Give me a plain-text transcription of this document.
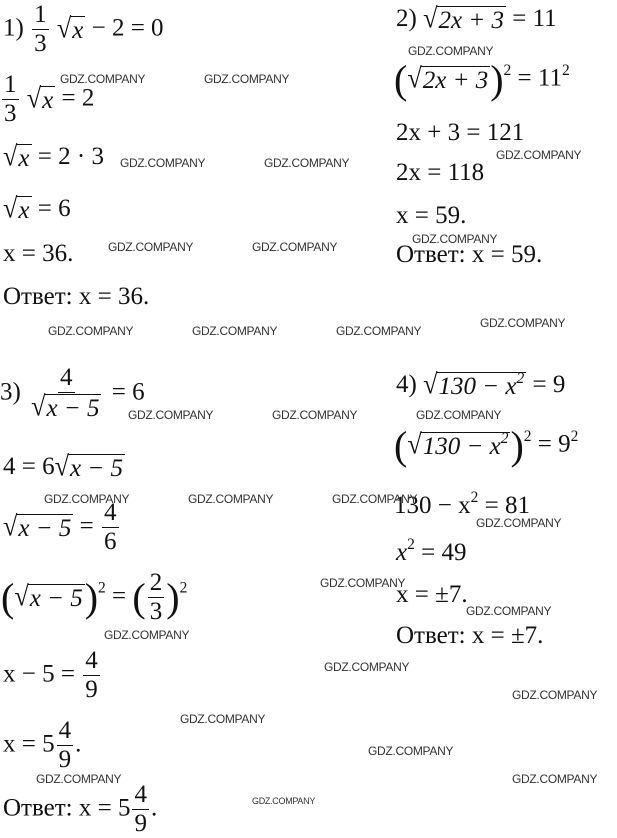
$1) \frac{1}{3}$
√ x − 2 = 0
$\frac{1}{3}$
√ x = 2
√ x = 2 · 3
√ x = 6
x = 36.
Ответ: x = 36.
2) √ 2x + 3 = 11
( √ 2x + 3 )$^2 = 11^2$
2x + 3 = 121
2x = 118
x = 59.
Ответ: x = 59.
$3) \frac{4}{√ x - 5} = 6$
4 = 6 √ x − 5
√ $x - 5 = \frac{4}{6}$
( √ x − 5 )$^2$ = ( $\frac{2}{3} )^2$
$x - 5 = \frac{4}{9}$
$x = 5 \frac{4}{9}$ .
Ответ: $x = 5 \frac{4}{9}$ .
4) √ $130 - x^2 = 9$
( √ $130 - x^2$ )$^2 = 9^2$
$130 - x^2 = 81$
$x^2 = 49$
x = ±7.
Ответ: x = ±7.
GDZ.COMPANY	GDZ.COMPANY
GDZ.COMPANY
GDZ.COMPANY	GDZ.COMPANY
GDZ.COMPANY
GDZ.COMPANY	GDZ.COMPANY
GDZ.COMPANY
GDZ.COMPANY	GDZ.COMPANY	GDZ.COMPANY
GDZ.COMPANY
GDZ.COMPANY	GDZ.COMPANY	GDZ.COMPANY
GDZ.COMPANY	GDZ.COMPANY	GDZ.COMPANY
GDZ.COMPANY
GDZ.COMPANY
GDZ.COMPANY
GDZ.COMPANY
GDZ.COMPANY
GDZ.COMPANY
GDZ.COMPANY
GDZ.COMPANY
GDZ.COMPANY	GDZ.COMPANY
GDZ.COMPANY
